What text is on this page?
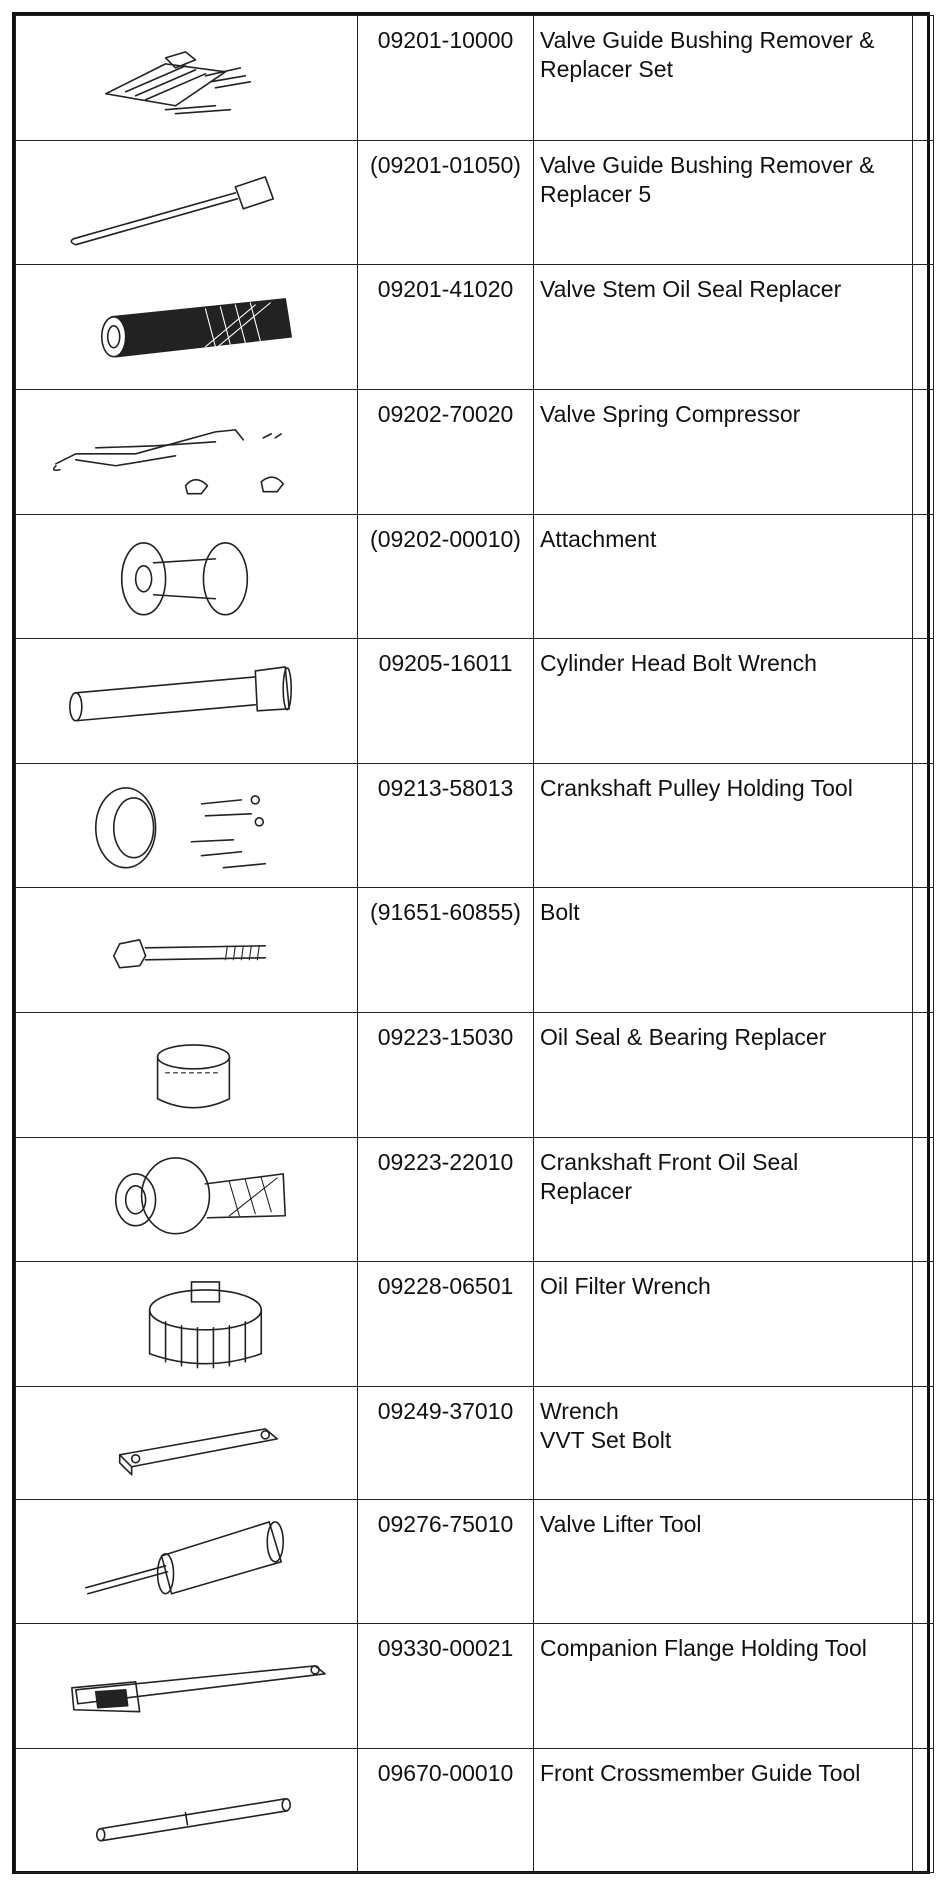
	09201-10000	Valve Guide Bushing Remover &
Replacer Set	

	(09201-01050)	Valve Guide Bushing Remover &
Replacer 5	

	09201-41020	Valve Stem Oil Seal Replacer	

	09202-70020	Valve Spring Compressor	

	(09202-00010)	Attachment	

	09205-16011	Cylinder Head Bolt Wrench	

	09213-58013	Crankshaft Pulley Holding Tool	

	(91651-60855)	Bolt	

	09223-15030	Oil Seal & Bearing Replacer	

	09223-22010	Crankshaft Front Oil Seal
Replacer	

	09228-06501	Oil Filter Wrench	

	09249-37010	Wrench
VVT Set Bolt	

	09276-75010	Valve Lifter Tool	

	09330-00021	Companion Flange Holding Tool	

	09670-00010	Front Crossmember Guide Tool	
